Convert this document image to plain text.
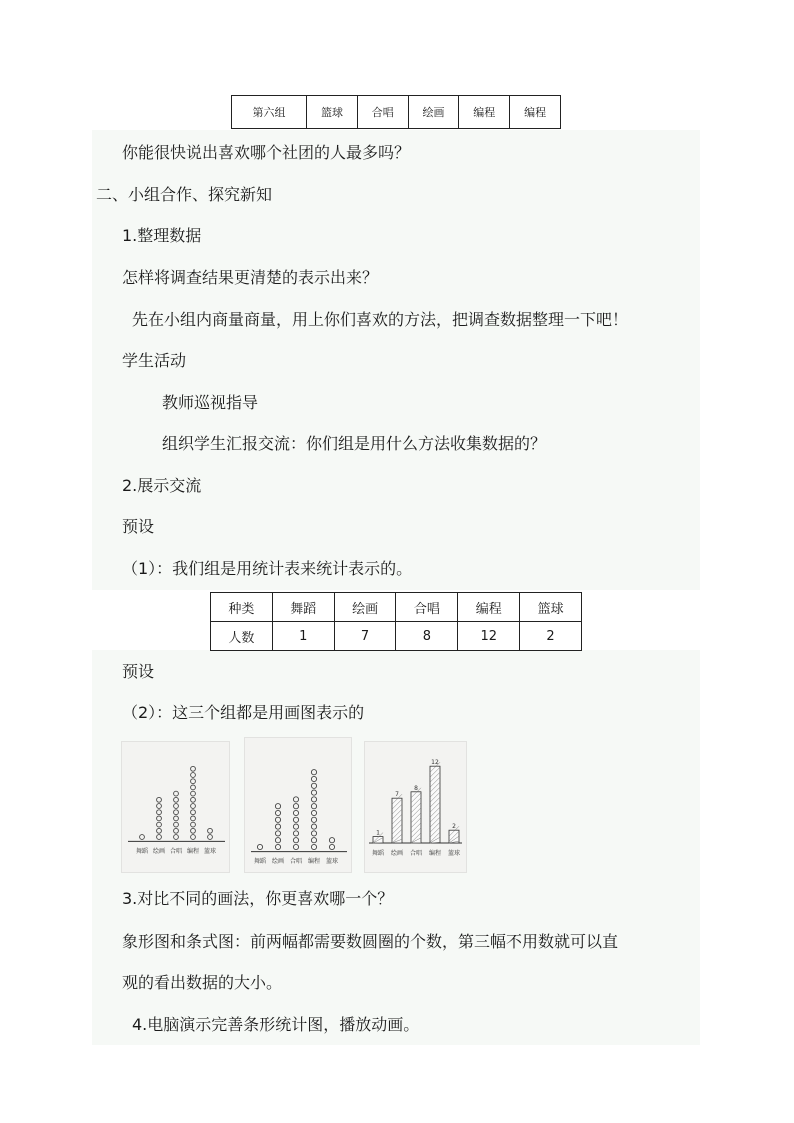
第六组	篮球	合唱	绘画	编程	编程
你能很快说出喜欢哪个社团的人最多吗？
二、小组合作、探究新知
1.整理数据
怎样将调查结果更清楚的表示出来？
先在小组内商量商量，用上你们喜欢的方法，把调查数据整理一下吧！
学生活动
教师巡视指导
组织学生汇报交流：你们组是用什么方法收集数据的？
2.展示交流
预设
（1）：我们组是用统计表来统计表示的。
种类	舞蹈	绘画	合唱	编程	篮球
人数	1	7	8	12	2
预设
（2）：这三个组都是用画图表示的
舞蹈 绘画 合唱 编程 篮球
舞蹈 绘画 合唱 编程 篮球
1
舞蹈
7
绘画
8
合唱
12
编程
2
篮球
3.对比不同的画法，你更喜欢哪一个？
象形图和条式图：前两幅都需要数圆圈的个数，第三幅不用数就可以直
观的看出数据的大小。
4.电脑演示完善条形统计图，播放动画。
